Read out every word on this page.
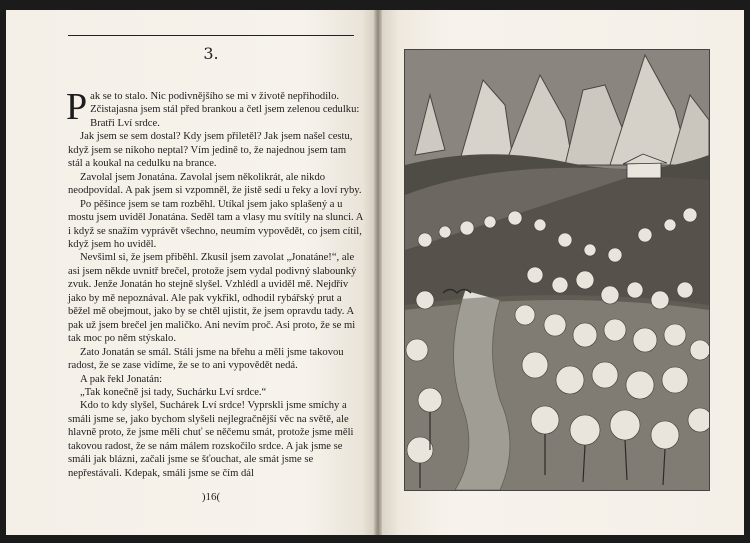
3.

Pak se to stalo. Nic podivnějšího se mi v životě nepřihodilo. Zčistajasna jsem stál před brankou a četl jsem zelenou cedulku: Bratři Lví srdce.

Jak jsem se sem dostal? Kdy jsem přiletěl? Jak jsem našel cestu, když jsem se nikoho neptal? Vím jedině to, že najednou jsem tam stál a koukal na cedulku na brance.

Zavolal jsem Jonatána. Zavolal jsem několikrát, ale nikdo neodpovídal. A pak jsem si vzpomněl, že jistě sedí u řeky a loví ryby.

Po pěšince jsem se tam rozběhl. Utíkal jsem jako splašený a u mostu jsem uviděl Jonatána. Seděl tam a vlasy mu svítily na slunci. A i když se snažím vyprávět všechno, neumím vypovědět, co jsem cítil, když jsem ho uviděl.

Nevšiml si, že jsem přiběhl. Zkusil jsem zavolat „Jonatáne!“, ale asi jsem někde uvnitř brečel, protože jsem vydal podivný slabounký zvuk. Jenže Jonatán ho stejně slyšel. Vzhlédl a uviděl mě. Nejdřív jako by mě nepoznával. Ale pak vykřikl, odhodil rybářský prut a běžel mě obejmout, jako by se chtěl ujistit, že jsem opravdu tady. A pak už jsem brečel jen maličko. Ani nevím proč. Asi proto, že se mi tak moc po něm stýskalo.

Zato Jonatán se smál. Stáli jsme na břehu a měli jsme takovou radost, že se zase vidíme, že se to ani vypovědět nedá.

A pak řekl Jonatán:

„Tak konečně jsi tady, Suchárku Lví srdce.“

Kdo to kdy slyšel, Suchárek Lví srdce! Vyprskli jsme smíchy a smáli jsme se, jako bychom slyšeli nejlegračnější věc na světě, ale hlavně proto, že jsme měli chuť se něčemu smát, protože jsme měli takovou radost, že se nám málem rozskočilo srdce. A jak jsme se smáli jak blázni, začali jsme se šťouchat, ale smát jsme se nepřestávali. Kdepak, smáli jsme se čím dál

)16(
